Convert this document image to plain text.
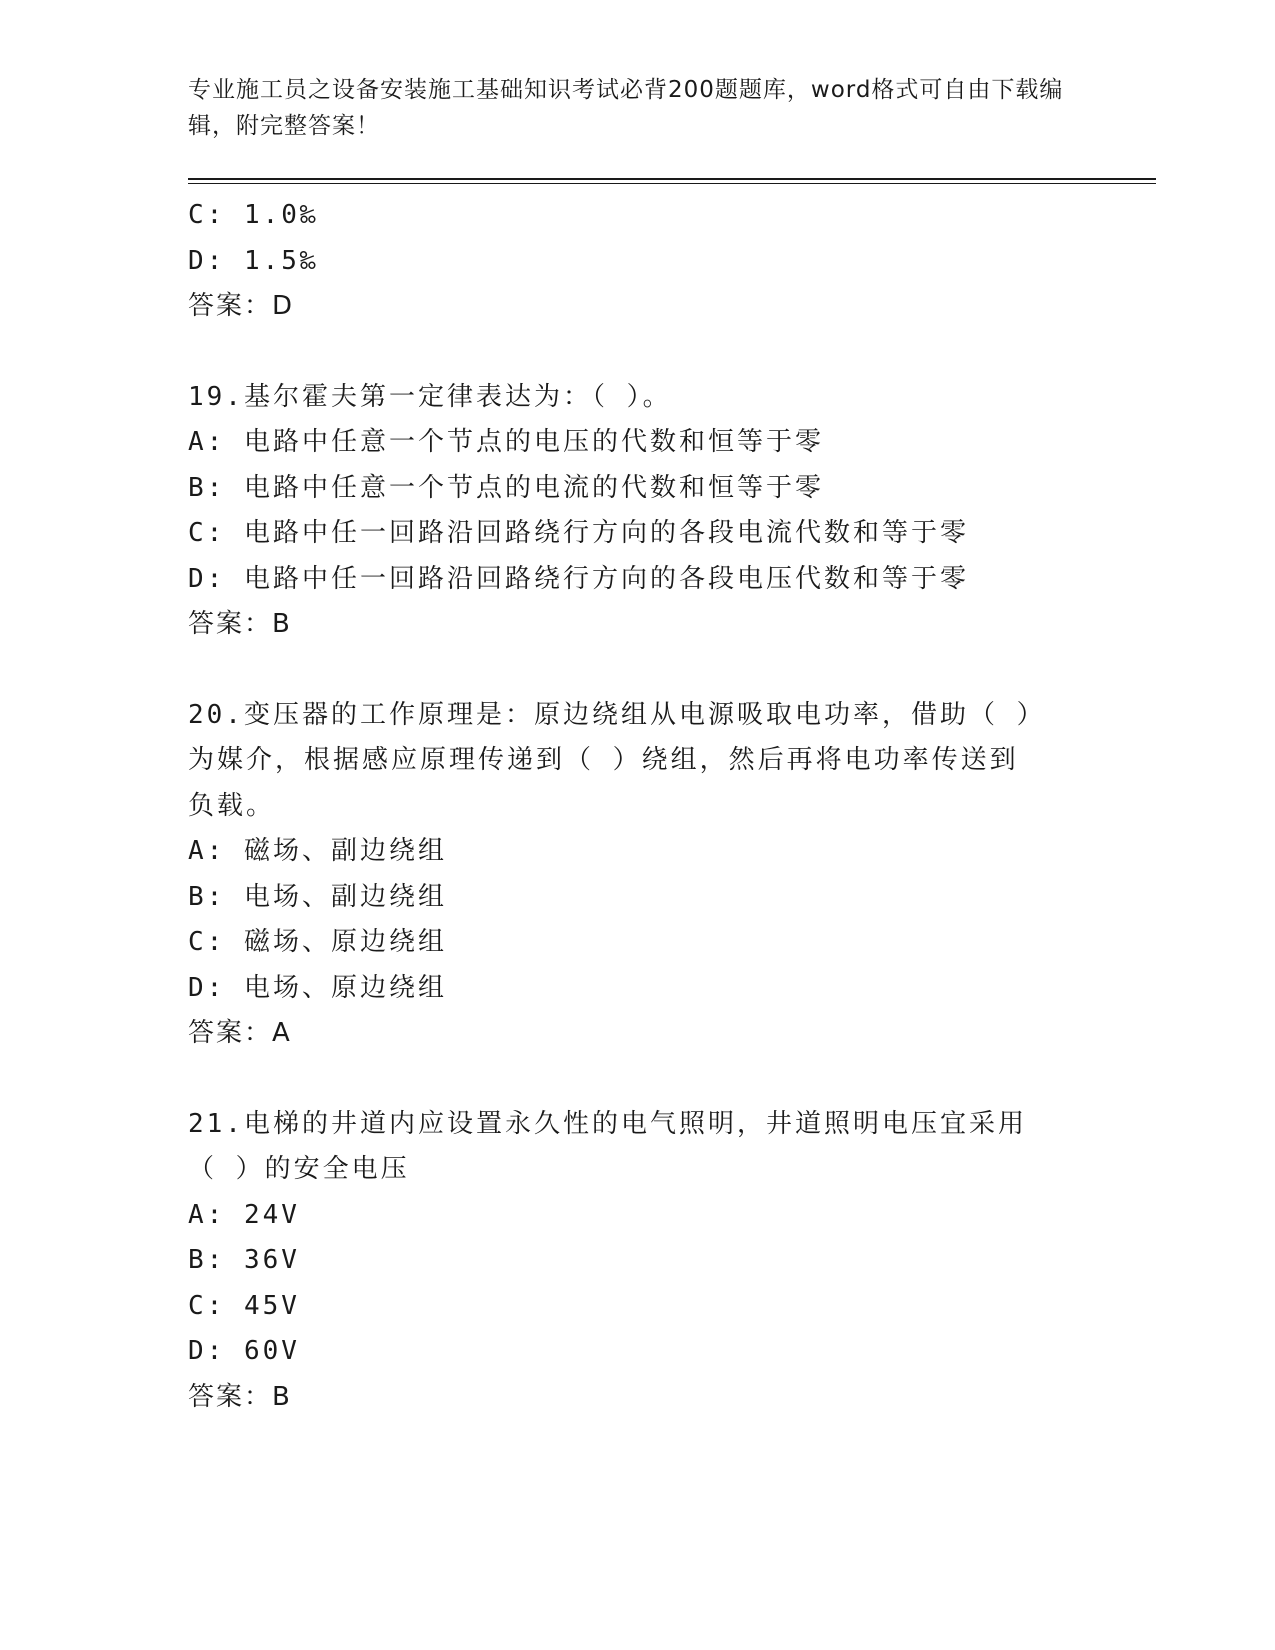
专业施工员之设备安装施工基础知识考试必背200题题库，word格式可自由下载编辑，附完整答案！
C: 1.0‰
D: 1.5‰
答案：D
19.基尔霍夫第一定律表达为：（ ）。
A: 电路中任意一个节点的电压的代数和恒等于零
B: 电路中任意一个节点的电流的代数和恒等于零
C: 电路中任一回路沿回路绕行方向的各段电流代数和等于零
D: 电路中任一回路沿回路绕行方向的各段电压代数和等于零
答案：B
20.变压器的工作原理是：原边绕组从电源吸取电功率，借助（ ）为媒介，根据感应原理传递到（ ）绕组，然后再将电功率传送到负载。
A: 磁场、副边绕组
B: 电场、副边绕组
C: 磁场、原边绕组
D: 电场、原边绕组
答案：A
21.电梯的井道内应设置永久性的电气照明，井道照明电压宜采用（ ）的安全电压
A: 24V
B: 36V
C: 45V
D: 60V
答案：B
